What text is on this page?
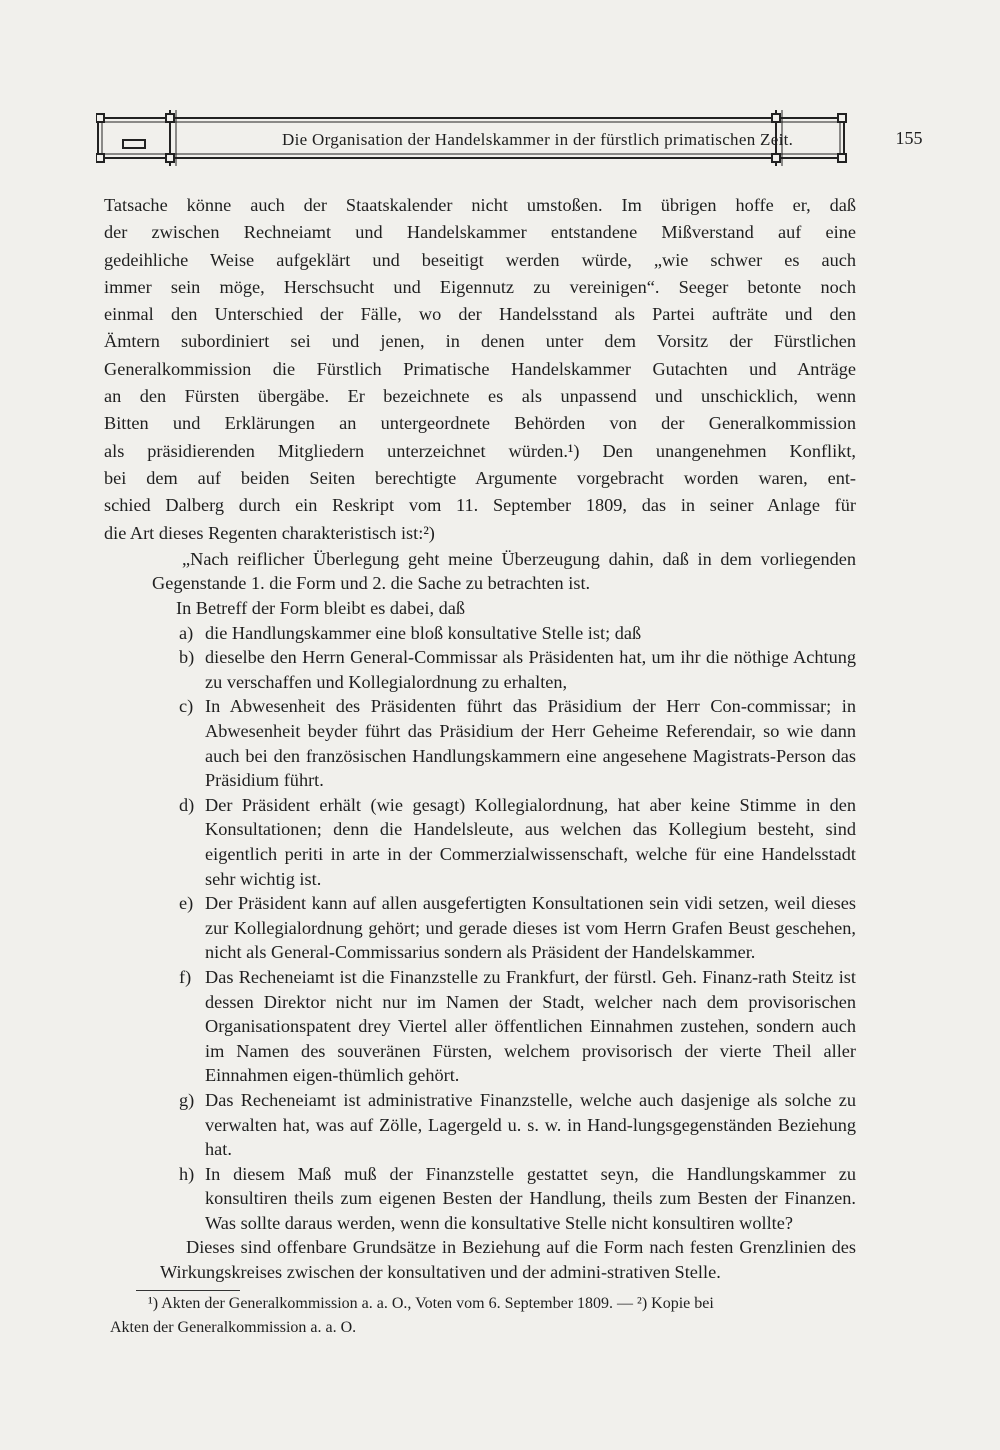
Die Organisation der Handelskammer in der fürstlich primatischen Zeit.	155

Tatsache könne auch der Staatskalender nicht umstoßen. Im übrigen hoffe er, daß

der zwischen Rechneiamt und Handelskammer entstandene Mißverstand auf eine

gedeihliche Weise aufgeklärt und beseitigt werden würde, „wie schwer es auch

immer sein möge, Herschsucht und Eigennutz zu vereinigen“. Seeger betonte noch

einmal den Unterschied der Fälle, wo der Handelsstand als Partei aufträte und den

Ämtern subordiniert sei und jenen, in denen unter dem Vorsitz der Fürstlichen

Generalkommission die Fürstlich Primatische Handelskammer Gutachten und Anträge

an den Fürsten übergäbe. Er bezeichnete es als unpassend und unschicklich, wenn

Bitten und Erklärungen an untergeordnete Behörden von der Generalkommission

als präsidierenden Mitgliedern unterzeichnet würden.¹) Den unangenehmen Konflikt,

bei dem auf beiden Seiten berechtigte Argumente vorgebracht worden waren, ent-

schied Dalberg durch ein Reskript vom 11. September 1809, das in seiner Anlage für

die Art dieses Regenten charakteristisch ist:²)

„Nach reiflicher Überlegung geht meine Überzeugung dahin, daß in dem vorliegenden Gegenstande 1. die Form und 2. die Sache zu betrachten ist.

In Betreff der Form bleibt es dabei, daß

a) die Handlungskammer eine bloß konsultative Stelle ist; daß
b) dieselbe den Herrn General-Commissar als Präsidenten hat, um ihr die nöthige Achtung zu verschaffen und Kollegialordnung zu erhalten,
c) In Abwesenheit des Präsidenten führt das Präsidium der Herr Con-commissar; in Abwesenheit beyder führt das Präsidium der Herr Geheime Referendair, so wie dann auch bei den französischen Handlungskammern eine angesehene Magistrats-Person das Präsidium führt.
d) Der Präsident erhält (wie gesagt) Kollegialordnung, hat aber keine Stimme in den Konsultationen; denn die Handelsleute, aus welchen das Kollegium besteht, sind eigentlich periti in arte in der Commerzialwissenschaft, welche für eine Handelsstadt sehr wichtig ist.
e) Der Präsident kann auf allen ausgefertigten Konsultationen sein vidi setzen, weil dieses zur Kollegialordnung gehört; und gerade dieses ist vom Herrn Grafen Beust geschehen, nicht als General-Commissarius sondern als Präsident der Handelskammer.
f) Das Recheneiamt ist die Finanzstelle zu Frankfurt, der fürstl. Geh. Finanz-rath Steitz ist dessen Direktor nicht nur im Namen der Stadt, welcher nach dem provisorischen Organisationspatent drey Viertel aller öffentlichen Einnahmen zustehen, sondern auch im Namen des souveränen Fürsten, welchem provisorisch der vierte Theil aller Einnahmen eigen-thümlich gehört.
g) Das Recheneiamt ist administrative Finanzstelle, welche auch dasjenige als solche zu verwalten hat, was auf Zölle, Lagergeld u. s. w. in Hand-lungsgegenständen Beziehung hat.
h) In diesem Maß muß der Finanzstelle gestattet seyn, die Handlungskammer zu konsultiren theils zum eigenen Besten der Handlung, theils zum Besten der Finanzen. Was sollte daraus werden, wenn die konsultative Stelle nicht konsultiren wollte?

Dieses sind offenbare Grundsätze in Beziehung auf die Form nach festen Grenzlinien des Wirkungskreises zwischen der konsultativen und der admini-strativen Stelle.

¹) Akten der Generalkommission a. a. O., Voten vom 6. September 1809. — ²) Kopie bei

Akten der Generalkommission a. a. O.
